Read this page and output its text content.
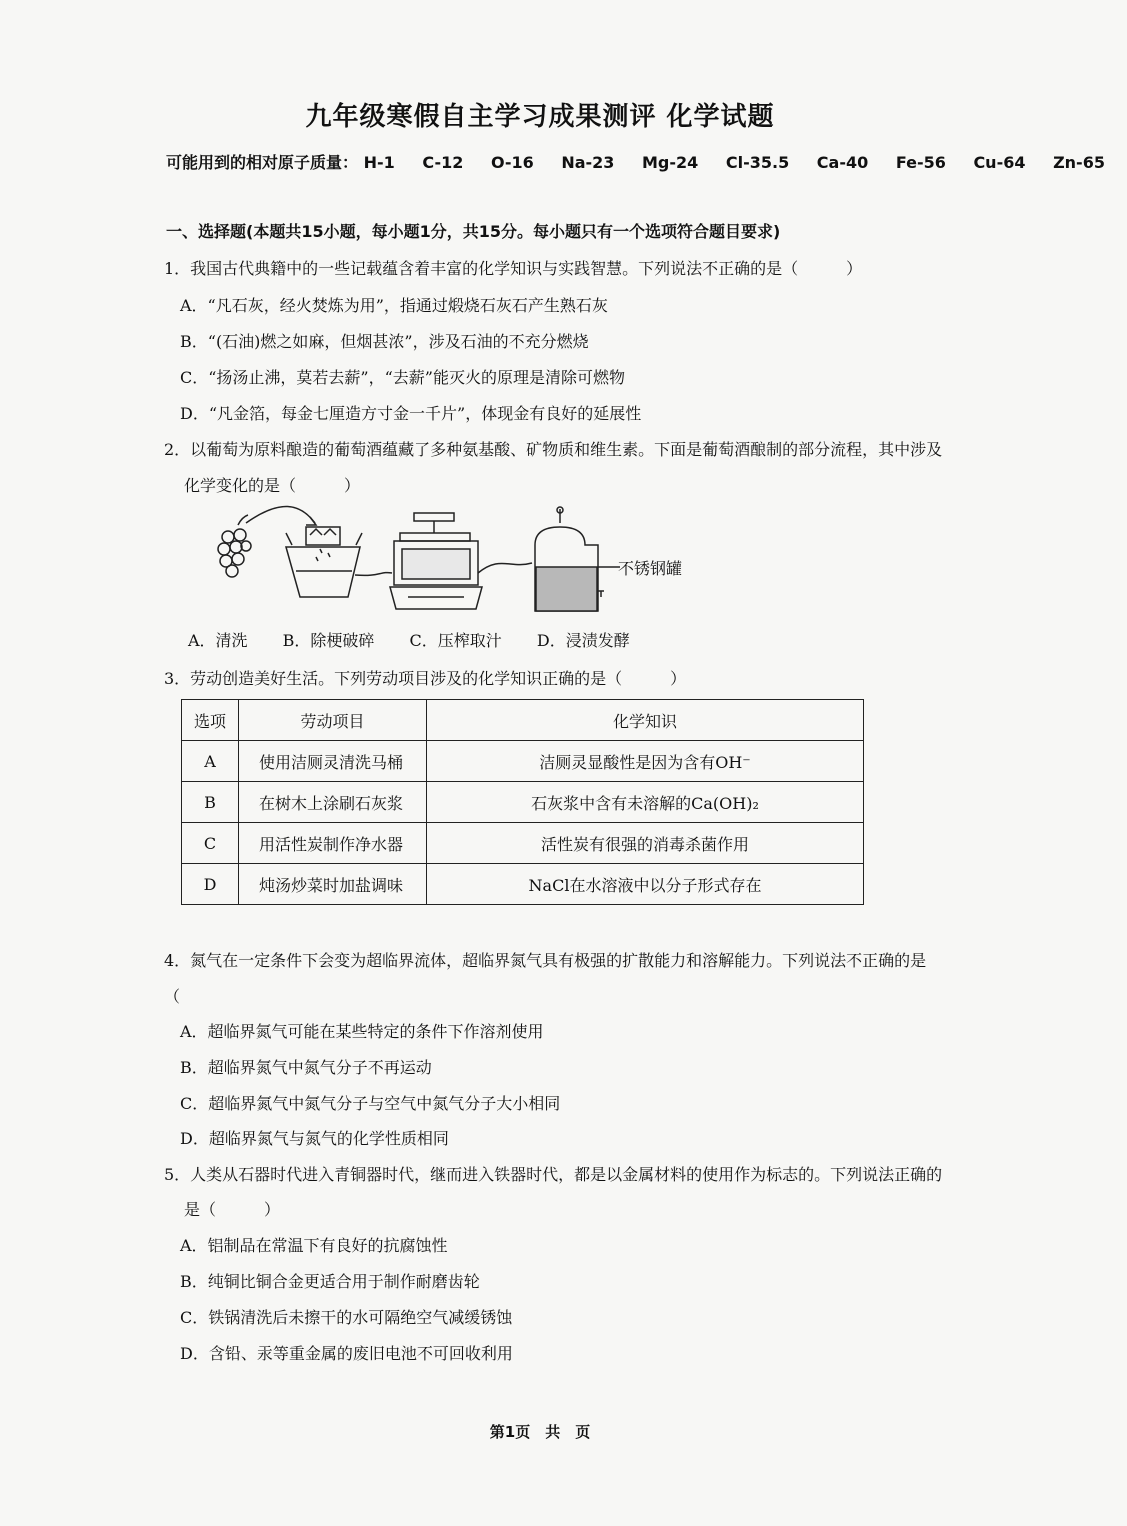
九年级寒假自主学习成果测评 化学试题
可能用到的相对原子质量： H-1 C-12 O-16 Na-23 Mg-24 Cl-35.5 Ca-40 Fe-56 Cu-64 Zn-65
一、选择题(本题共15小题，每小题1分，共15分。每小题只有一个选项符合题目要求)
1．我国古代典籍中的一些记载蕴含着丰富的化学知识与实践智慧。下列说法不正确的是（　　　）
A．“凡石灰，经火焚炼为用”，指通过煅烧石灰石产生熟石灰
B．“(石油)燃之如麻，但烟甚浓”，涉及石油的不充分燃烧
C．“扬汤止沸，莫若去薪”，“去薪”能灭火的原理是清除可燃物
D．“凡金箔，每金七厘造方寸金一千片”，体现金有良好的延展性
2．以葡萄为原料酿造的葡萄酒蕴藏了多种氨基酸、矿物质和维生素。下面是葡萄酒酿制的部分流程，其中涉及
化学变化的是（　　　）
不锈钢罐
A．清洗 B．除梗破碎 C．压榨取汁 D．浸渍发酵
3．劳动创造美好生活。下列劳动项目涉及的化学知识正确的是（　　　）
选项	劳动项目	化学知识
A	使用洁厕灵清洗马桶	洁厕灵显酸性是因为含有OH⁻
B	在树木上涂刷石灰浆	石灰浆中含有未溶解的Ca(OH)₂
C	用活性炭制作净水器	活性炭有很强的消毒杀菌作用
D	炖汤炒菜时加盐调味	NaCl在水溶液中以分子形式存在
4．氮气在一定条件下会变为超临界流体，超临界氮气具有极强的扩散能力和溶解能力。下列说法不正确的是
（
A．超临界氮气可能在某些特定的条件下作溶剂使用
B．超临界氮气中氮气分子不再运动
C．超临界氮气中氮气分子与空气中氮气分子大小相同
D．超临界氮气与氮气的化学性质相同
5．人类从石器时代进入青铜器时代，继而进入铁器时代，都是以金属材料的使用作为标志的。下列说法正确的
是（　　　）
A．铝制品在常温下有良好的抗腐蚀性
B．纯铜比铜合金更适合用于制作耐磨齿轮
C．铁锅清洗后未擦干的水可隔绝空气减缓锈蚀
D．含铅、汞等重金属的废旧电池不可回收利用
第1页　共　页
